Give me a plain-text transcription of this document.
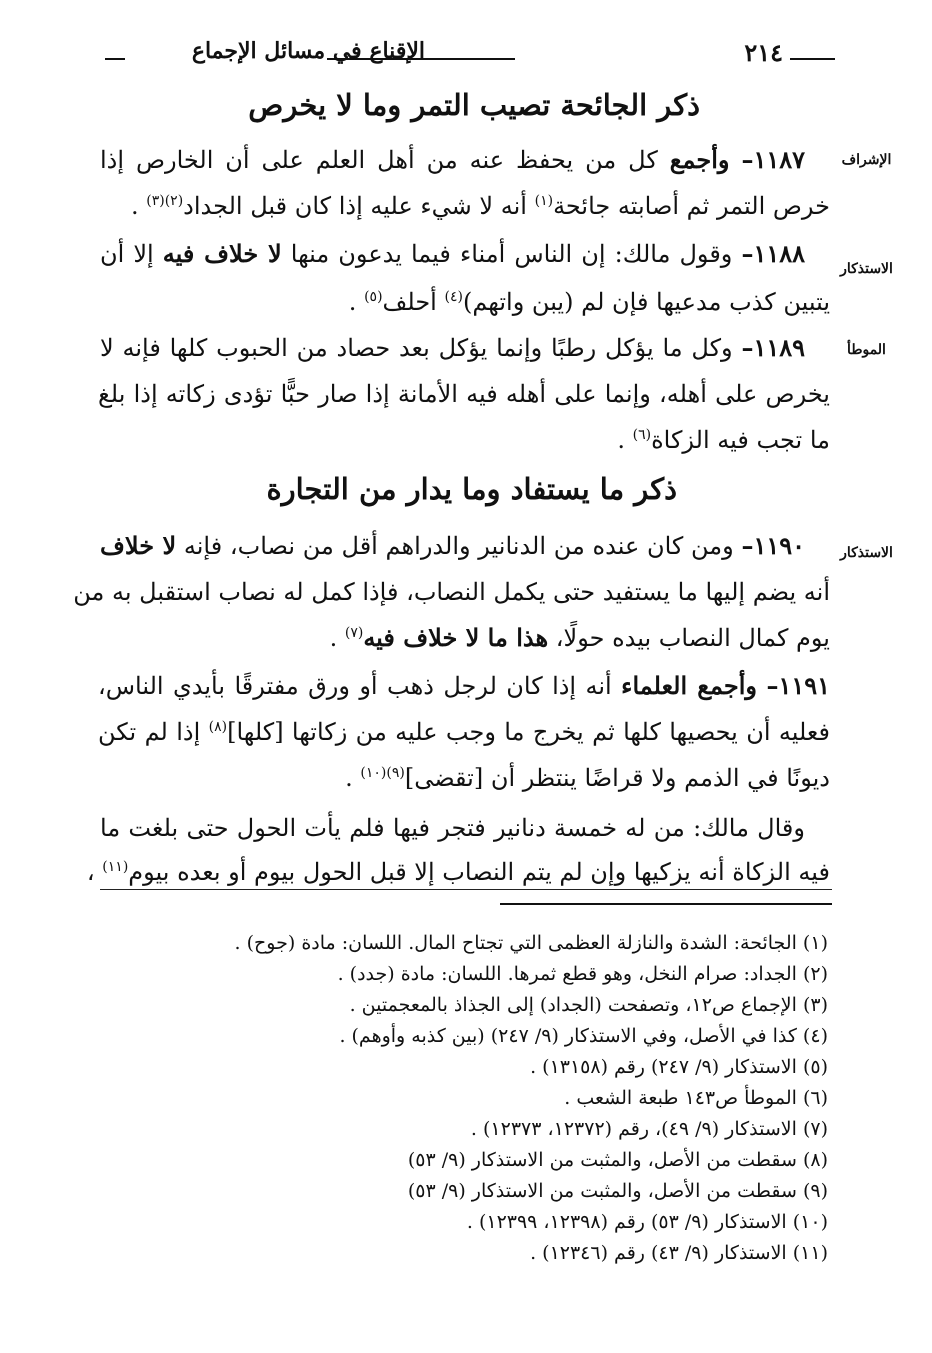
٢١٤
الإقناع في مسائل الإجماع
ذكر الجائحة تصيب التمر وما لا يخرص
الإشراف
الاستذكار
الموطأ
الاستذكار
١١٨٧– وأجمع كل من يحفظ عنه من أهل العلم على أن الخارص إذا
خرص التمر ثم أصابته جائحة$^{(١)}$ أنه لا شيء عليه إذا كان قبل الجداد$^{(٢)(٣)}$ .
١١٨٨– وقول مالك: إن الناس أمناء فيما يدعون منها لا خلاف فيه إلا أن
يتبين كذب مدعيها فإن لم (يبن واتهم)$^{(٤)}$ أحلف$^{(٥)}$ .
١١٨٩– وكل ما يؤكل رطبًا وإنما يؤكل بعد حصاد من الحبوب كلها فإنه لا
يخرص على أهله، وإنما على أهله فيه الأمانة إذا صار حبًّا تؤدى زكاته إذا بلغ
ما تجب فيه الزكاة$^{(٦)}$ .
ذكر ما يستفاد وما يدار من التجارة
١١٩٠– ومن كان عنده من الدنانير والدراهم أقل من نصاب، فإنه لا خلاف
أنه يضم إليها ما يستفيد حتى يكمل النصاب، فإذا كمل له نصاب استقبل به من
يوم كمال النصاب بيده حولًا، هذا ما لا خلاف فيه$^{(٧)}$ .
١١٩١– وأجمع العلماء أنه إذا كان لرجل ذهب أو ورق مفترقًا بأيدي الناس،
فعليه أن يحصيها كلها ثم يخرج ما وجب عليه من زكاتها [كلها]$^{(٨)}$ إذا لم تكن
ديونًا في الذمم ولا قراضًا ينتظر أن [تقضى]$^{(٩)(١٠)}$ .
وقال مالك: من له خمسة دنانير فتجر فيها فلم يأت الحول حتى بلغت ما
فيه الزكاة أنه يزكيها وإن لم يتم النصاب إلا قبل الحول بيوم أو بعده بيوم$^{(١١)}$ ،
(١) الجائحة: الشدة والنازلة العظمى التي تجتاح المال. اللسان: مادة (جوح) .
(٢) الجداد: صرام النخل، وهو قطع ثمرها. اللسان: مادة (جدد) .
(٣) الإجماع ص١٢، وتصفحت (الجداد) إلى الجذاذ بالمعجمتين .
(٤) كذا في الأصل، وفي الاستذكار (٩/ ٢٤٧) (بين كذبه وأوهم) .
(٥) الاستذكار (٩/ ٢٤٧) رقم (١٣١٥٨) .
(٦) الموطأ ص١٤٣ طبعة الشعب .
(٧) الاستذكار (٩/ ٤٩)، رقم (١٢٣٧٢، ١٢٣٧٣) .
(٨) سقطت من الأصل، والمثبت من الاستذكار (٩/ ٥٣)
(٩) سقطت من الأصل، والمثبت من الاستذكار (٩/ ٥٣)
(١٠) الاستذكار (٩/ ٥٣) رقم (١٢٣٩٨، ١٢٣٩٩) .
(١١) الاستذكار (٩/ ٤٣) رقم (١٢٣٤٦) .
